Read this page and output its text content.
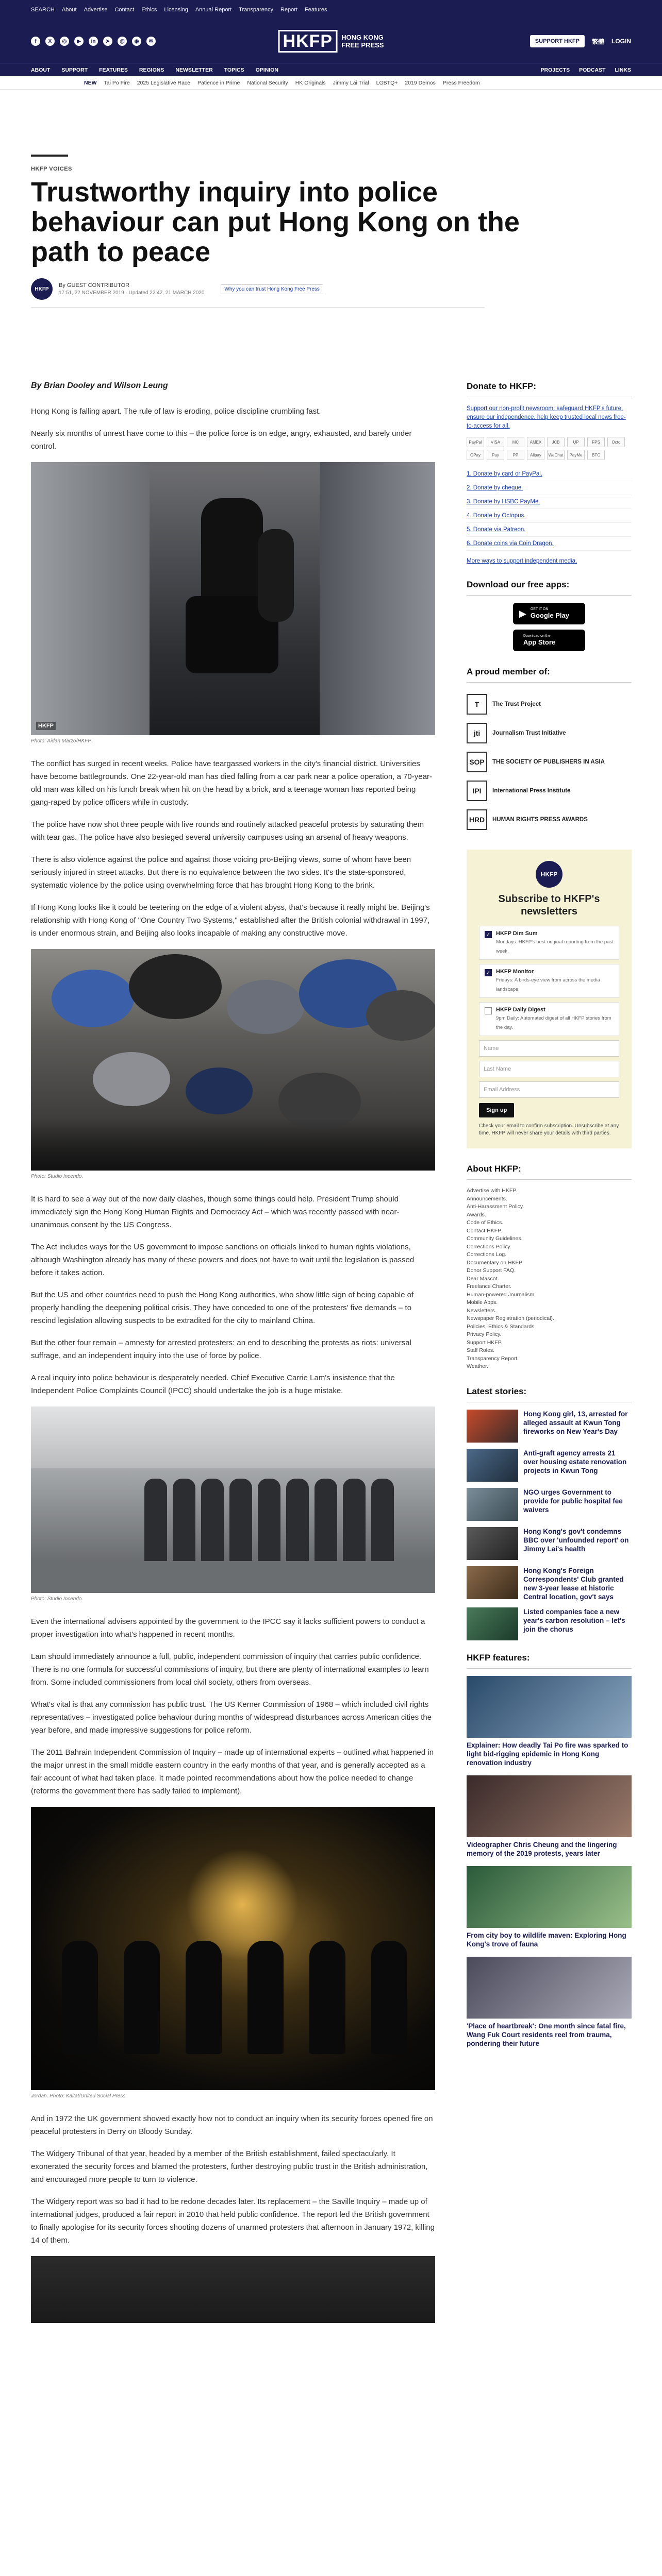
SEARCH About Advertise Contact Ethics Licensing Annual Report Transparency Report Features
f	X	◎	▶	in	➤	@	◉	✉	HKFP	HONG KONG
FREE PRESS	SUPPORT HKFP	繁體 LOGIN
ABOUT SUPPORT FEATURES REGIONS NEWSLETTER TOPICS OPINION	PROJECTS PODCAST LINKS
NEW Tai Po Fire 2025 Legislative Race Patience in Prime National Security HK Originals Jimmy Lai Trial LGBTQ+ 2019 Demos Press Freedom
HKFP VOICES
Trustworthy inquiry into police behaviour can put Hong Kong on the path to peace
HKFP
By GUEST CONTRIBUTOR
17:51, 22 NOVEMBER 2019 · Updated 22:42, 21 MARCH 2020
Why you can trust Hong Kong Free Press
By Brian Dooley and Wilson Leung

Hong Kong is falling apart. The rule of law is eroding, police discipline crumbling fast.

Nearly six months of unrest have come to this – the police force is on edge, angry, exhausted, and barely under control.

HKFP
Photo: Aidan Marzo/HKFP.

The conflict has surged in recent weeks. Police have teargassed workers in the city's financial district. Universities have become battlegrounds. One 22-year-old man has died falling from a car park near a police operation, a 70-year-old man was killed on his lunch break when hit on the head by a brick, and a teenage woman has reported being gang-raped by police officers while in custody.

The police have now shot three people with live rounds and routinely attacked peaceful protests by saturating them with tear gas. The police have also besieged several university campuses using an arsenal of heavy weapons.

There is also violence against the police and against those voicing pro-Beijing views, some of whom have been seriously injured in street attacks. But there is no equivalence between the two sides. It's the state-sponsored, systematic violence by the police using overwhelming force that has brought Hong Kong to the brink.

If Hong Kong looks like it could be teetering on the edge of a violent abyss, that's because it really might be. Beijing's relationship with Hong Kong of "One Country Two Systems," established after the British colonial withdrawal in 1997, is under enormous strain, and Beijing also looks incapable of making any constructive move.

Photo: Studio Incendo.

It is hard to see a way out of the now daily clashes, though some things could help. President Trump should immediately sign the Hong Kong Human Rights and Democracy Act – which was recently passed with near-unanimous consent by the US Congress.

The Act includes ways for the US government to impose sanctions on officials linked to human rights violations, although Washington already has many of these powers and does not have to wait until the legislation is passed before it takes action.

But the US and other countries need to push the Hong Kong authorities, who show little sign of being capable of properly handling the deepening political crisis. They have conceded to one of the protesters' five demands – to rescind legislation allowing suspects to be extradited for the city to mainland China.

But the other four remain – amnesty for arrested protesters: an end to describing the protests as riots: universal suffrage, and an independent inquiry into the use of force by police.

A real inquiry into police behaviour is desperately needed. Chief Executive Carrie Lam's insistence that the Independent Police Complaints Council (IPCC) should undertake the job is a huge mistake.

Photo: Studio Incendo.

Even the international advisers appointed by the government to the IPCC say it lacks sufficient powers to conduct a proper investigation into what's happened in recent months.

Lam should immediately announce a full, public, independent commission of inquiry that carries public confidence. There is no one formula for successful commissions of inquiry, but there are plenty of international examples to learn from. Some included commissioners from local civil society, others from overseas.

What's vital is that any commission has public trust. The US Kerner Commission of 1968 – which included civil rights representatives – investigated police behaviour during months of widespread disturbances across American cities the year before, and made impressive suggestions for police reform.

The 2011 Bahrain Independent Commission of Inquiry – made up of international experts – outlined what happened in the major unrest in the small middle eastern country in the early months of that year, and is generally accepted as a fair account of what had taken place. It made pointed recommendations about how the police needed to change (reforms the government there has sadly failed to implement).

Jordan. Photo: Kaitat/United Social Press.

And in 1972 the UK government showed exactly how not to conduct an inquiry when its security forces opened fire on peaceful protesters in Derry on Bloody Sunday.

The Widgery Tribunal of that year, headed by a member of the British establishment, failed spectacularly. It exonerated the security forces and blamed the protesters, further destroying public trust in the British administration, and encouraged more people to turn to violence.

The Widgery report was so bad it had to be redone decades later. Its replacement – the Saville Inquiry – made up of international judges, produced a fair report in 2010 that held public confidence. The report led the British government to finally apologise for its security forces shooting dozens of unarmed protesters that afternoon in January 1972, killing 14 of them.

Donate to HKFP:
Support our non-profit newsroom: safeguard HKFP's future, ensure our independence, help keep trusted local news free-to-access for all.
PayPal	VISA	MC	AMEX	JCB	UP	FPS	Octo
GPay	Pay	PP	Alipay	WeChat	PayMe	BTC
1. Donate by card or PayPal.
2. Donate by cheque.
3. Donate by HSBC PayMe.
4. Donate by Octopus.
5. Donate via Patreon.
6. Donate coins via Coin Dragon.
More ways to support independent media.
Download our free apps:
▶ GET IT ON
Google Play
Download on the
App Store
A proud member of:
T	The Trust Project
jti	Journalism Trust Initiative
SOP	THE SOCIETY OF PUBLISHERS IN ASIA
IPI	International Press Institute
HRD	HUMAN RIGHTS PRESS AWARDS
HKFP
Subscribe to HKFP's newsletters
✓ HKFP Dim Sum
Mondays: HKFP's best original reporting from the past week.
✓ HKFP Monitor
Fridays: A birds-eye view from across the media landscape.
HKFP Daily Digest
9pm Daily: Automated digest of all HKFP stories from the day.
Name
Last Name
Email Address
Sign up
Check your email to confirm subscription. Unsubscribe at any time. HKFP will never share your details with third parties.
About HKFP:
Advertise with HKFP.
Announcements.
Anti-Harassment Policy.
Awards.
Code of Ethics.
Contact HKFP.
Community Guidelines.
Corrections Policy.
Corrections Log.
Documentary on HKFP.
Donor Support FAQ.
Dear Mascot.
Freelance Charter.
Human-powered Journalism.
Mobile Apps.
Newsletters.
Newspaper Registration (periodical).
Policies, Ethics & Standards.
Privacy Policy.
Support HKFP.
Staff Roles.
Transparency Report.
Weather.
Latest stories:
Hong Kong girl, 13, arrested for alleged assault at Kwun Tong fireworks on New Year's Day
Anti-graft agency arrests 21 over housing estate renovation projects in Kwun Tong
NGO urges Government to provide for public hospital fee waivers
Hong Kong's gov't condemns BBC over 'unfounded report' on Jimmy Lai's health
Hong Kong's Foreign Correspondents' Club granted new 3-year lease at historic Central location, gov't says
Listed companies face a new year's carbon resolution – let's join the chorus
HKFP features:
Explainer: How deadly Tai Po fire was sparked to light bid-rigging epidemic in Hong Kong renovation industry
Videographer Chris Cheung and the lingering memory of the 2019 protests, years later
From city boy to wildlife maven: Exploring Hong Kong's trove of fauna
'Place of heartbreak': One month since fatal fire, Wang Fuk Court residents reel from trauma, pondering their future
